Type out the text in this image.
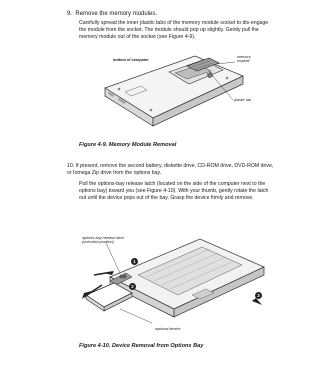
9. Remove the memory modules.

Carefully spread the inner plastic tabs of the memory module socket to dis-engage the module from the socket. The module should pop up slightly. Gently pull the memory module out of the socket (see Figure 4-9).

bottom of computer
memory module
plastic tab
Figure 4-9. Memory Module Removal

10. If present, remove the second battery, diskette drive, CD-ROM drive, DVD-ROM drive, or Iomega Zip drive from the options bay.

Pull the options-bay release latch (located on the side of the computer next to the options bay) toward you (see Figure 4-10). With your thumb, gently rotate the latch out until the device pops out of the bay. Grasp the device firmly and remove.

1
2
3
options-bay release latch (unlocked position)
optional device
Figure 4-10. Device Removal from Options Bay
